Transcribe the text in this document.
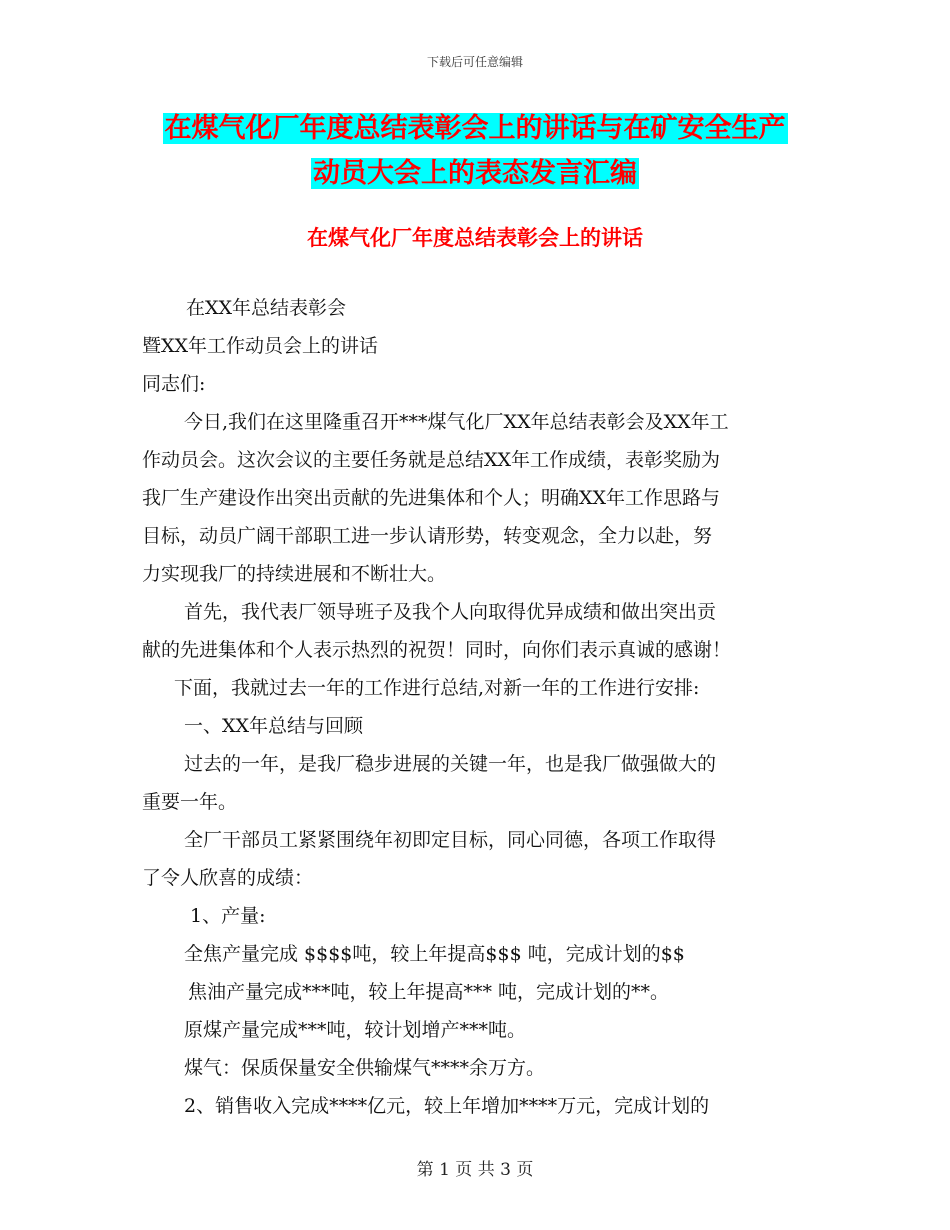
下载后可任意编辑
在煤气化厂年度总结表彰会上的讲话与在矿安全生产
动员大会上的表态发言汇编
在煤气化厂年度总结表彰会上的讲话
在XX年总结表彰会
暨XX年工作动员会上的讲话
同志们:
今日,我们在这里隆重召开***煤气化厂XX年总结表彰会及XX年工
作动员会。这次会议的主要任务就是总结XX年工作成绩，表彰奖励为
我厂生产建设作出突出贡献的先进集体和个人；明确XX年工作思路与
目标，动员广阔干部职工进一步认请形势，转变观念，全力以赴，努
力实现我厂的持续进展和不断壮大。
首先，我代表厂领导班子及我个人向取得优异成绩和做出突出贡
献的先进集体和个人表示热烈的祝贺！同时，向你们表示真诚的感谢！
下面，我就过去一年的工作进行总结,对新一年的工作进行安排:
一、XX年总结与回顾
过去的一年，是我厂稳步进展的关键一年，也是我厂做强做大的
重要一年。
全厂干部员工紧紧围绕年初即定目标，同心同德，各项工作取得
了令人欣喜的成绩：
1、产量:
全焦产量完成 $$$$吨，较上年提高$$$ 吨，完成计划的$$
焦油产量完成***吨，较上年提高*** 吨，完成计划的**。
原煤产量完成***吨，较计划增产***吨。
煤气：保质保量安全供输煤气****余万方。
2、销售收入完成****亿元，较上年增加****万元，完成计划的
第 1 页 共 3 页
